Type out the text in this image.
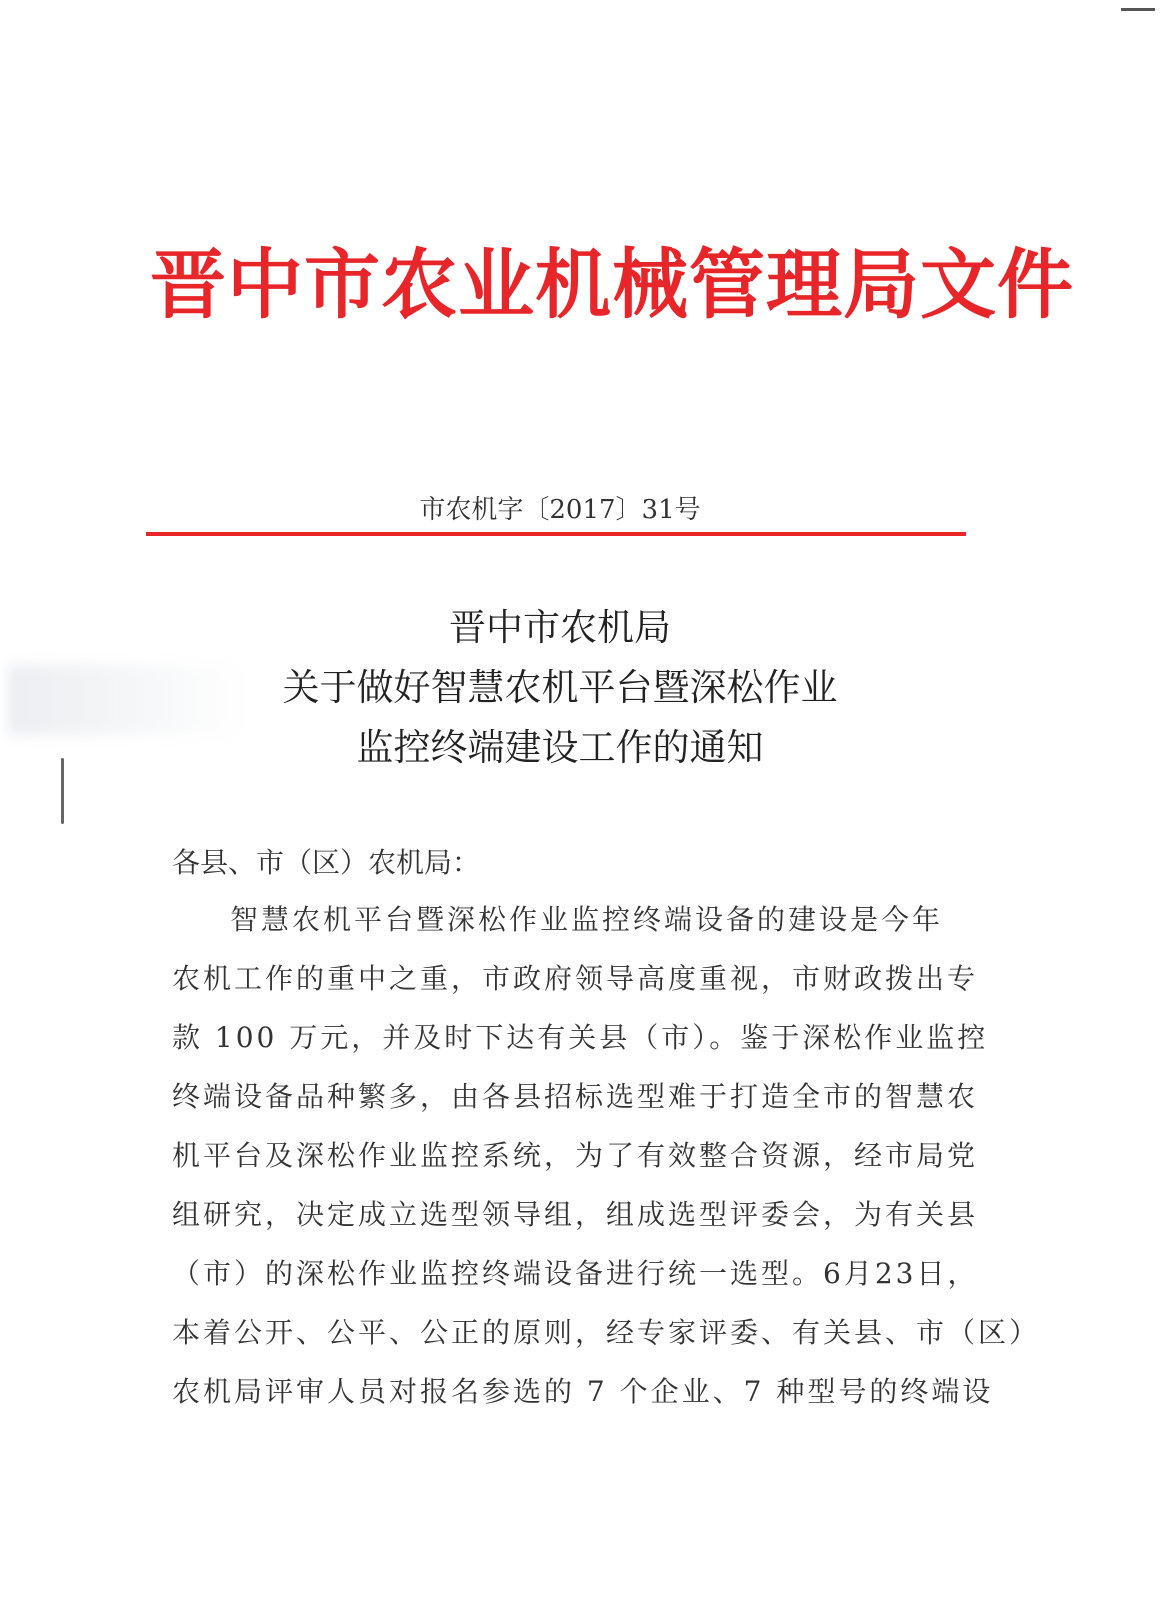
晋中市农业机械管理局文件
市农机字〔2017〕31号
晋中市农机局
关于做好智慧农机平台暨深松作业
监控终端建设工作的通知
各县、市（区）农机局：
智慧农机平台暨深松作业监控终端设备的建设是今年
农机工作的重中之重，市政府领导高度重视，市财政拨出专
款 100 万元，并及时下达有关县（市）。鉴于深松作业监控
终端设备品种繁多，由各县招标选型难于打造全市的智慧农
机平台及深松作业监控系统，为了有效整合资源，经市局党
组研究，决定成立选型领导组，组成选型评委会，为有关县
（市）的深松作业监控终端设备进行统一选型。6月23日，
本着公开、公平、公正的原则，经专家评委、有关县、市（区）
农机局评审人员对报名参选的 7 个企业、7 种型号的终端设
